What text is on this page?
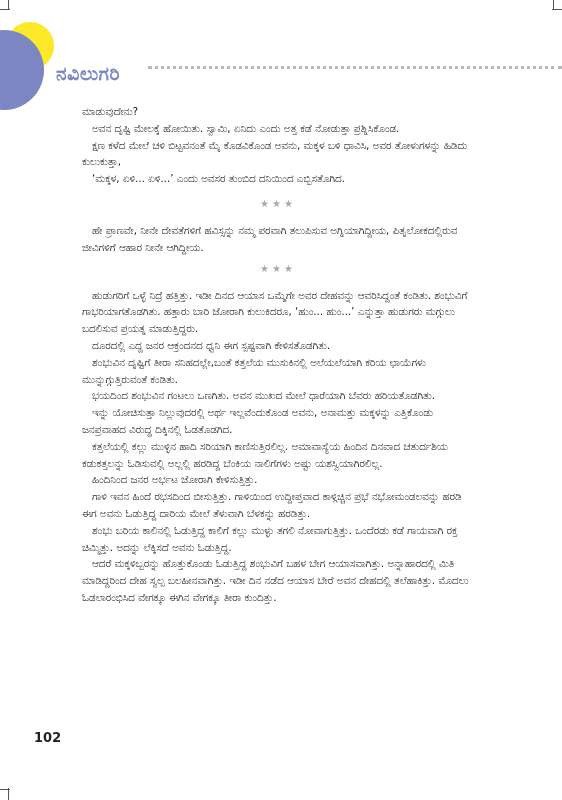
ನವಿಲುಗರಿ

ಮಾಡುವುದೇನು?

ಅವನ ದೃಷ್ಟಿ ಮೇಲಕ್ಕೆ ಹೋಯಿತು. ಸ್ವಾಮಿ, ಏನಿದು ಎಂದು ಅತ್ತ ಕಡೆ ನೋಡುತ್ತಾ ಪ್ರಶ್ನಿಸಿಕೊಂಡ.

ಕ್ಷಣ ಕಳೆದ ಮೇಲೆ ಚಳಿ ಬಿಟ್ಟವನಂತೆ ಮೈ ಕೊಡವಿಕೊಂಡ ಅವನು, ಮಕ್ಕಳ ಬಳಿ ಧಾವಿಸಿ, ಅವರ ತೋಳುಗಳನ್ನು ಹಿಡಿದು ಕುಲುಕುತ್ತಾ,

‘ಮಕ್ಕಳ, ಏಳಿ... ಏಳಿ...’ ಎಂದು ಅವಸರ ತುಂಬಿದ ದನಿಯಿಂದ ಎಬ್ಬಿಸತೊಗಿದ.

★★★

ಹೇ ಪ್ರಾಣವೇ, ನೀನೇ ದೇವತೆಗಳಿಗೆ ಹವಿಸ್ಸನ್ನು ನಮ್ಮ ಪರವಾಗಿ ತಲುಪಿಸುವ ಅಗ್ನಿಯಾಗಿದ್ದೀಯ, ಪಿತೃಲೋಕದಲ್ಲಿರುವ ಜೀವಿಗಳಿಗೆ ಆಹಾರ ನೀನೇ ಆಗಿದ್ದೀಯ.

★★★

ಹುಡುಗರಿಗೆ ಒಳ್ಳೆ ನಿದ್ರೆ ಹತ್ತಿತ್ತು. ಇಡೀ ದಿನದ ಆಯಾಸ ಒಮ್ಮೆಗೇ ಅವರ ದೇಹವನ್ನು ಆವರಿಸಿದ್ದಂತೆ ಕಂಡಿತು. ಶಂಭುವಿಗೆ ಗಾಭರಿಯಾಗತೊಡಗಿತು. ಹತ್ತಾರು ಬಾರಿ ಜೋರಾಗಿ ಕುಲುಕಿದರೂ, ‘ಹುಂ... ಹುಂ...’ ಎನ್ನುತ್ತಾ ಹುಡುಗರು ಮಗ್ಗುಲು ಬದಲಿಸುವ ಪ್ರಯತ್ನ ಮಾಡುತ್ತಿದ್ದರು.

ದೂರದಲ್ಲಿ ಎದ್ದ ಜನರ ಆಕ್ರಂದನದ ಧ್ವನಿ ಈಗ ಸ್ಪಷ್ಟವಾಗಿ ಕೇಳಿಸತೊಡಗಿತು.

ಶಂಭುವಿನ ದೃಷ್ಟಿಗೆ ತೀರಾ ಸನಿಹದಲ್ಲೇ,ಬಂತೆ ಕತ್ತಲೆಯ ಮುಸುಕಿನಲ್ಲಿ ಅಲೆಯಲೆಯಾಗಿ ಕರಿಯ ಛಾಯೆಗಳು ಮುನ್ನುಗ್ಗುತ್ತಿರುವಂತೆ ಕಂಡಿತು.

ಭಯದಿಂದ ಶಂಭುವಿನ ಗಂಟಲು ಒಣಗಿತು. ಅವನ ಮುಖದ ಮೇಲೆ ಧಾರೆಯಾಗಿ ಬೆವರು ಹರಿಯತೊಡಗಿತು.

ಇನ್ನು ಯೋಚಿಸುತ್ತಾ ನಿಲ್ಲುವುದರಲ್ಲಿ ಅರ್ಥ ಇಲ್ಲವೆಂದುಕೊಂಡ ಅವನು, ಅನಾಮತ್ತು ಮಕ್ಕಳನ್ನು ಎತ್ತಿಕೊಂಡು ಜನಪ್ರವಾಹದ ವಿರುದ್ಧ ದಿಕ್ಕಿನಲ್ಲಿ ಓಡತೊಡಗಿದ.

ಕತ್ತಲೆಯಲ್ಲಿ ಕಲ್ಲು ಮುಳ್ಳಿನ ಹಾದಿ ಸರಿಯಾಗಿ ಕಾಣಿಸುತ್ತಿರಲಿಲ್ಲ. ಅಮಾವಾಸ್ಯೆಯ ಹಿಂದಿನ ದಿನವಾದ ಚತುರ್ದಶಿಯ ಕಡುಕತ್ತಲನ್ನು ಓಡಿಸುವಲ್ಲಿ ಅಲ್ಲಲ್ಲಿ ಹರಡಿದ್ದ ಬೆಂಕಿಯ ನಾಲಿಗೆಗಳು ಅಷ್ಟು ಯಶಸ್ವಿಯಾಗಿರಲಿಲ್ಲ.

ಹಿಂದಿನಿಂದ ಜನರ ಅರ್ಭಟ ಜೋರಾಗಿ ಕೇಳಿಸುತ್ತಿತ್ತು.

ಗಾಳಿ ಇವನ ಹಿಂದೆ ರಭಸದಿಂದ ಬೀಸುತ್ತಿತ್ತು. ಗಾಳಿಯಿಂದ ಉದ್ದೀಪ್ತವಾದ ಕಾಳ್ಗಿಚ್ಚಿನ ಪ್ರಭೆ ನಭೋಮಂಡಲವನ್ನು ಹರಡಿ ಈಗ ಅವನು ಓಡುತ್ತಿದ್ದ ದಾರಿಯ ಮೇಲೆ ತೆಳುವಾಗಿ ಬೆಳಕನ್ನು ಹರಡಿತ್ತು.

ಶಂಭು ಬರಿಯ ಕಾಲಿನಲ್ಲಿ ಓಡುತ್ತಿದ್ದ ಕಾಲಿಗೆ ಕಲ್ಲು ಮುಳ್ಳು ತಗಲಿ ನೋವಾಗುತ್ತಿತ್ತು. ಒಂದೆರಡು ಕಡೆ ಗಾಯವಾಗಿ ರಕ್ತ ಚಿಮ್ಮಿತ್ತು. ಅದನ್ನು ಲೆಕ್ಕಿಸದೆ ಅವನು ಓಡುತ್ತಿದ್ದ.

ಆದರೆ ಮಕ್ಕಳಿಬ್ಬರನ್ನು ಹೊತ್ತುಕೊಂಡು ಓಡುತ್ತಿದ್ದ ಶಂಭುವಿಗೆ ಬಹಳ ಬೇಗ ಆಯಾಸವಾಗಿತ್ತು. ಅನ್ನಾಹಾರದಲ್ಲಿ ಮಿತಿ ಮಾಡಿದ್ದರಿಂದ ದೇಹ ಸ್ವಲ್ಪ ಬಲಹೀನವಾಗಿತ್ತು. ಇಡೀ ದಿನ ನಡೆದ ಆಯಾಸ ಬೇರೆ ಅವನ ದೇಹದಲ್ಲಿ ತಲೆಹಾಕಿತ್ತು. ಮೊದಲು ಓಡಲಾರಂಭಿಸಿದ ವೇಗಕ್ಕೂ ಈಗಿನ ವೇಗಕ್ಕೂ ತೀರಾ ಕುಂದಿತ್ತು.

102
